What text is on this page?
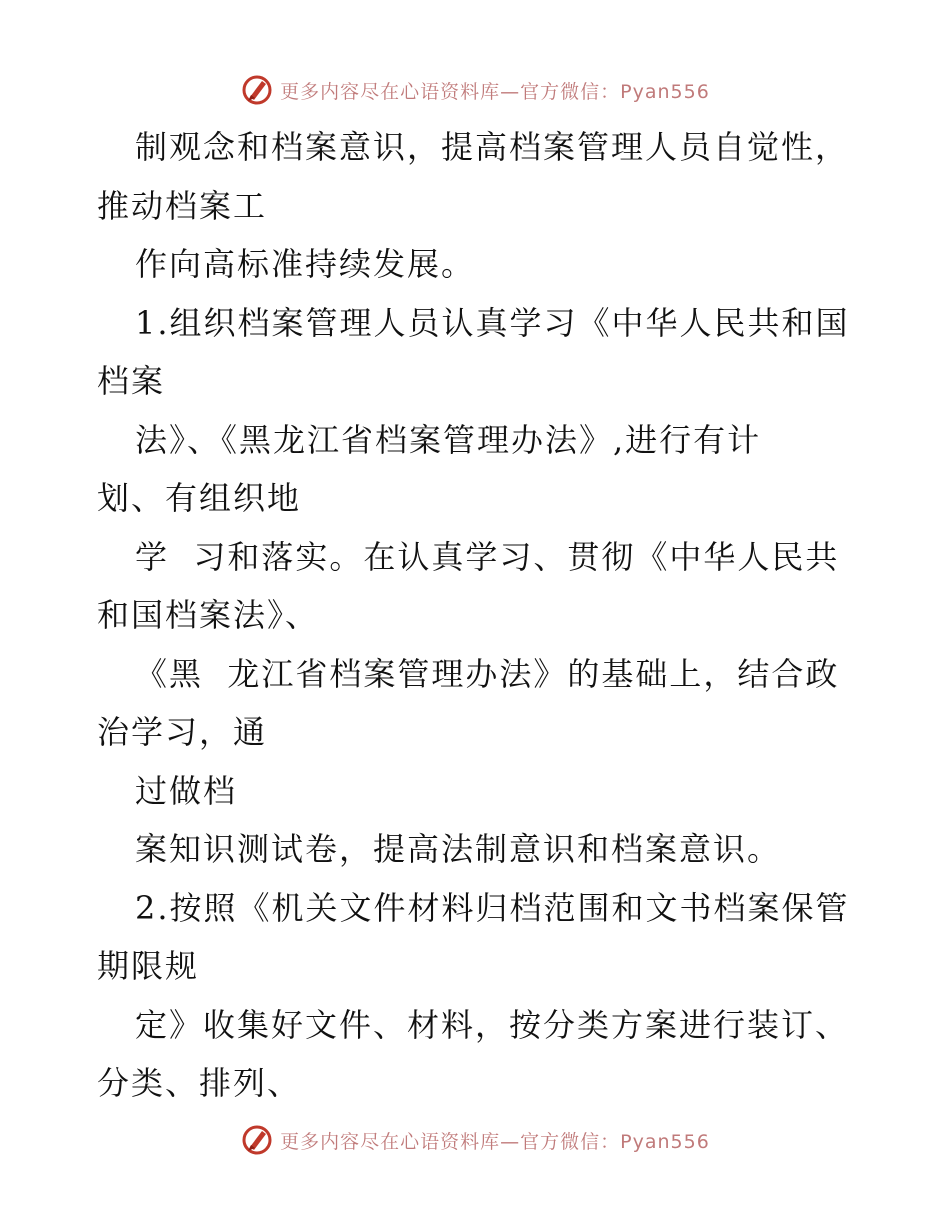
更多内容尽在心语资料库—官方微信：Pyan556
制观念和档案意识，提高档案管理人员自觉性，
推动档案工
作向高标准持续发展。
1.组织档案管理人员认真学习《中华人民共和国
档案
法》、《黑龙江省档案管理办法》,进行有计
划、有组织地
学  习和落实。在认真学习、贯彻《中华人民共
和国档案法》、
《黑  龙江省档案管理办法》的基础上，结合政
治学习，通
过做档
案知识测试卷，提高法制意识和档案意识。
2.按照《机关文件材料归档范围和文书档案保管
期限规
定》收集好文件、材料，按分类方案进行装订、
分类、排列、
更多内容尽在心语资料库—官方微信：Pyan556
